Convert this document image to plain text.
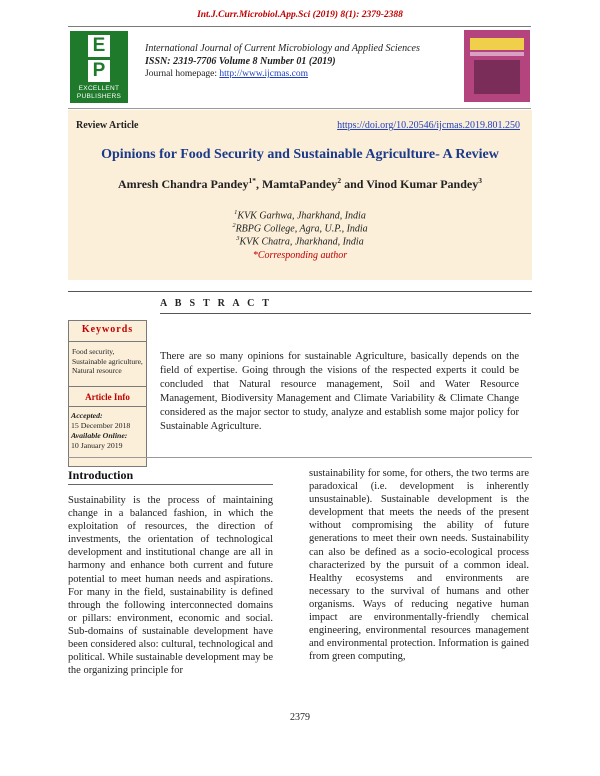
Int.J.Curr.Microbiol.App.Sci (2019) 8(1): 2379-2388
E
P
EXCELLENT
PUBLISHERS
International Journal of Current Microbiology and Applied Sciences
ISSN: 2319-7706 Volume 8 Number 01 (2019)
Journal homepage: http://www.ijcmas.com
Review Article	https://doi.org/10.20546/ijcmas.2019.801.250
Opinions for Food Security and Sustainable Agriculture- A Review
Amresh Chandra Pandey$^{1*}$, MamtaPandey$^2$ and Vinod Kumar Pandey$^3$
$^1$KVK Garhwa, Jharkhand, India
$^2$RBPG College, Agra, U.P., India
$^3$KVK Chatra, Jharkhand, India
*Corresponding author
A B S T R A C T
Keywords
Food security, Sustainable agriculture, Natural resource
Article Info
Accepted:
15 December 2018
Available Online:
10 January 2019
There are so many opinions for sustainable Agriculture, basically depends on the field of expertise. Going through the visions of the respected experts it could be concluded that Natural resource management, Soil and Water Resource Management, Biodiversity Management and Climate Variability & Climate Change considered as the major sector to study, analyze and establish some major policy for Sustainable Agriculture.
Introduction
Sustainability is the process of maintaining change in a balanced fashion, in which the exploitation of resources, the direction of investments, the orientation of technological development and institutional change are all in harmony and enhance both current and future potential to meet human needs and aspirations. For many in the field, sustainability is defined through the following interconnected domains or pillars: environment, economic and social. Sub-domains of sustainable development have been considered also: cultural, technological and political. While sustainable development may be the organizing principle for
sustainability for some, for others, the two terms are paradoxical (i.e. development is inherently unsustainable). Sustainable development is the development that meets the needs of the present without compromising the ability of future generations to meet their own needs. Sustainability can also be defined as a socio-ecological process characterized by the pursuit of a common ideal. Healthy ecosystems and environments are necessary to the survival of humans and other organisms. Ways of reducing negative human impact are environmentally-friendly chemical engineering, environmental resources management and environmental protection. Information is gained from green computing,
2379
